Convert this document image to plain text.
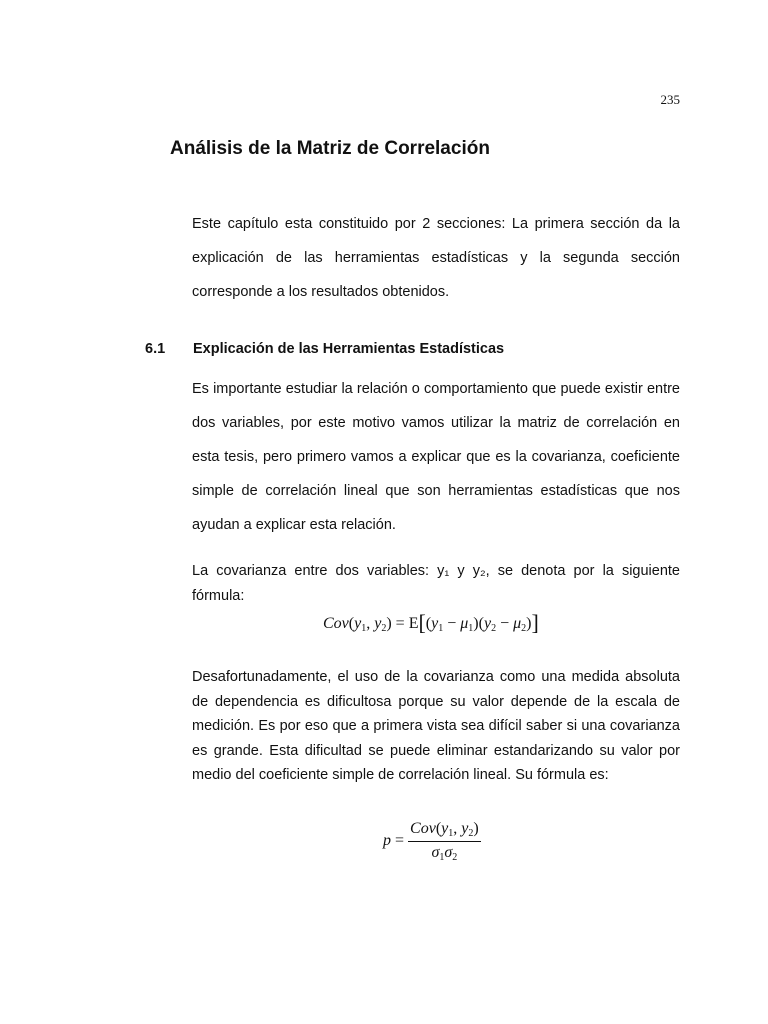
235
Análisis de la Matriz de Correlación

Este capítulo esta constituido por 2 secciones: La primera sección da la explicación de las herramientas estadísticas y la segunda sección corresponde a los resultados obtenidos.

6.1 Explicación de las Herramientas Estadísticas

Es importante estudiar la relación o comportamiento que puede existir entre dos variables, por este motivo vamos utilizar la matriz de correlación en esta tesis, pero primero vamos a explicar que es la covarianza, coeficiente simple de correlación lineal que son herramientas estadísticas que nos ayudan a explicar esta relación.

La covarianza entre dos variables: y₁ y y₂, se denota por la siguiente fórmula:

$Cov(y_1$, $y_2) = E[(y_1 - \mu_1)(y_2 - \mu_2)]$

Desafortunadamente, el uso de la covarianza como una medida absoluta de dependencia es dificultosa porque su valor depende de la escala de medición. Es por eso que a primera vista sea difícil saber si una covarianza es grande. Esta dificultad se puede eliminar estandarizando su valor por medio del coeficiente simple de correlación lineal. Su fórmula es:

$p = \frac{Cov(y_1, y_2)}{\sigma_1\sigma_2}$
